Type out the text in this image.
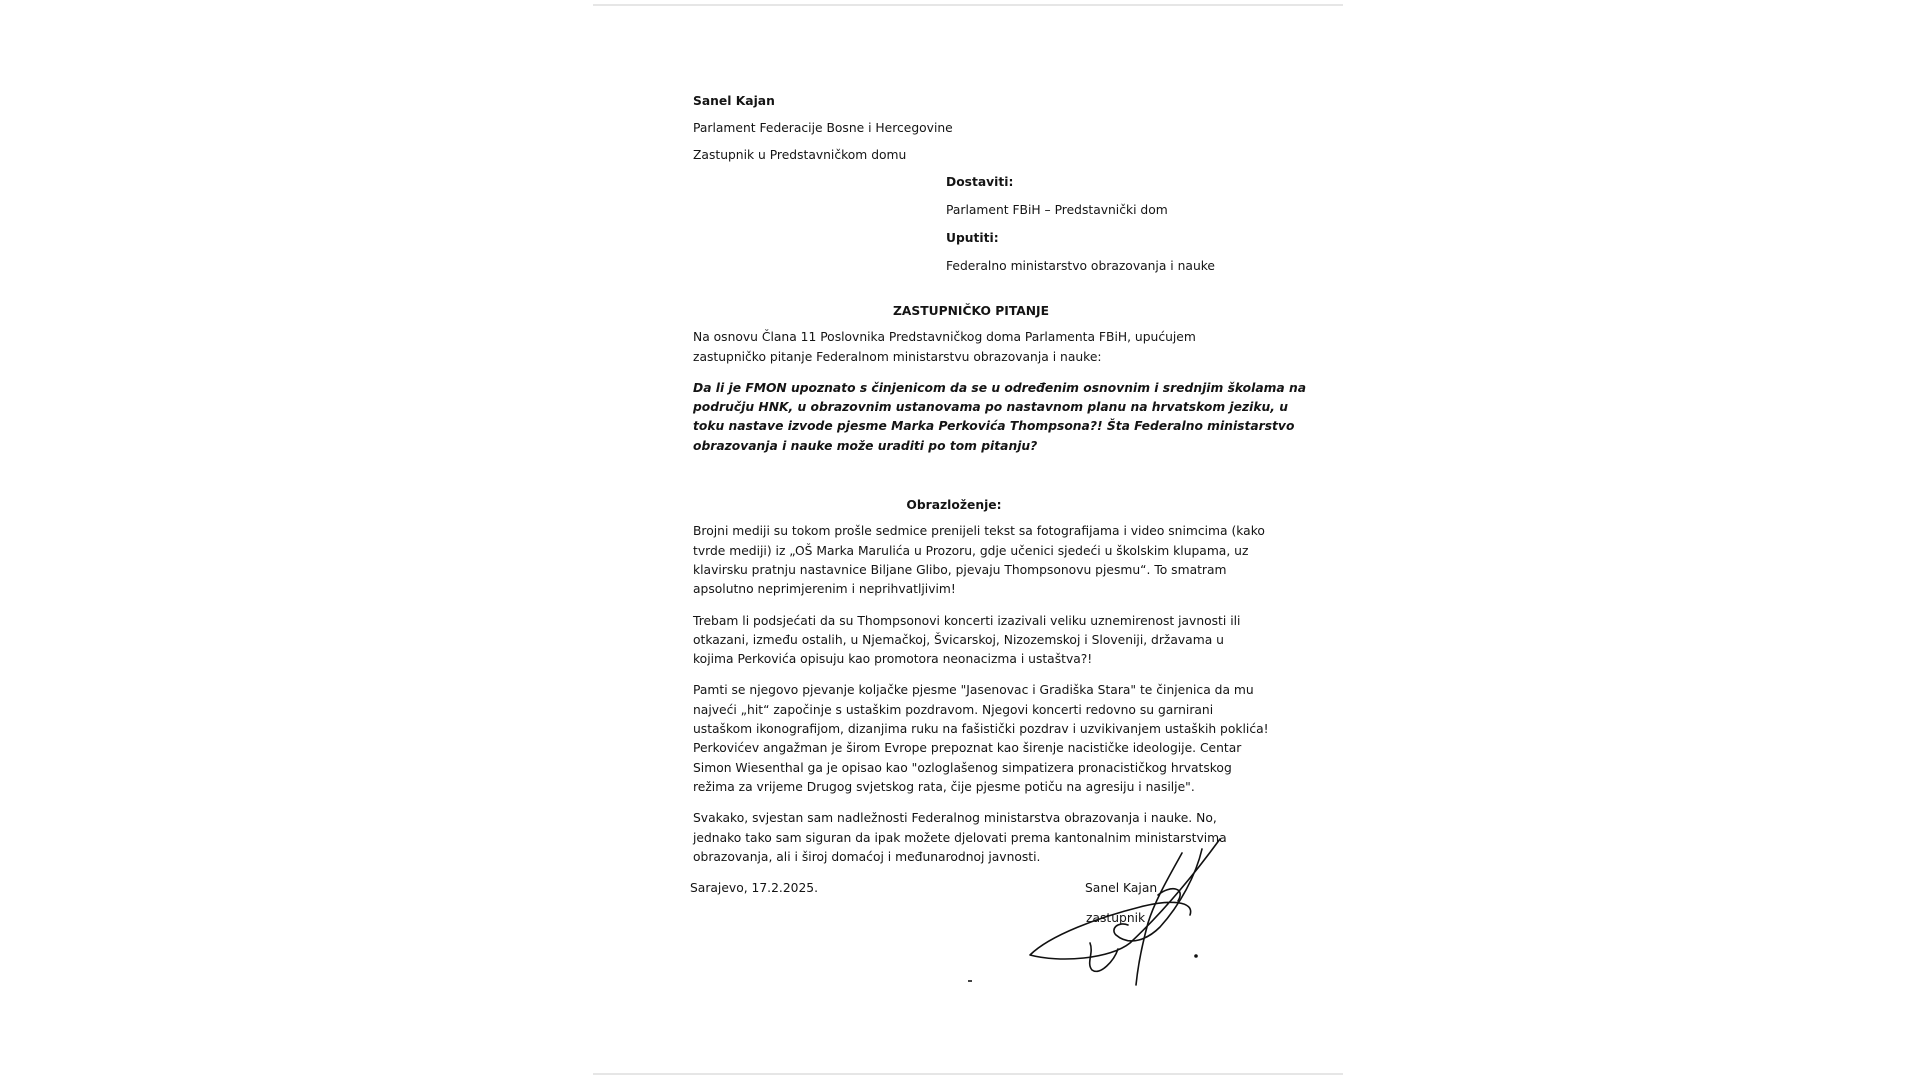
Sanel Kajan

Parlament Federacije Bosne i Hercegovine

Zastupnik u Predstavničkom domu

Dostaviti:

Parlament FBiH – Predstavnički dom

Uputiti:

Federalno ministarstvo obrazovanja i nauke

ZASTUPNIČKO PITANJE

Na osnovu Člana 11 Poslovnika Predstavničkog doma Parlamenta FBiH, upućujem

zastupničko pitanje Federalnom ministarstvu obrazovanja i nauke:

Da li je FMON upoznato s činjenicom da se u određenim osnovnim i srednjim školama na

području HNK, u obrazovnim ustanovama po nastavnom planu na hrvatskom jeziku, u

toku nastave izvode pjesme Marka Perkovića Thompsona?! Šta Federalno ministarstvo

obrazovanja i nauke može uraditi po tom pitanju?

Obrazloženje:

Brojni mediji su tokom prošle sedmice prenijeli tekst sa fotografijama i video snimcima (kako

tvrde mediji) iz „OŠ Marka Marulića u Prozoru, gdje učenici sjedeći u školskim klupama, uz

klavirsku pratnju nastavnice Biljane Glibo, pjevaju Thompsonovu pjesmu“. To smatram

apsolutno neprimjerenim i neprihvatljivim!

Trebam li podsjećati da su Thompsonovi koncerti izazivali veliku uznemirenost javnosti ili

otkazani, između ostalih, u Njemačkoj, Švicarskoj, Nizozemskoj i Sloveniji, državama u

kojima Perkovića opisuju kao promotora neonacizma i ustaštva?!

Pamti se njegovo pjevanje koljačke pjesme "Jasenovac i Gradiška Stara" te činjenica da mu

najveći „hit“ započinje s ustaškim pozdravom. Njegovi koncerti redovno su garnirani

ustaškom ikonografijom, dizanjima ruku na fašistički pozdrav i uzvikivanjem ustaških poklića!

Perkovićev angažman je širom Evrope prepoznat kao širenje nacističke ideologije. Centar

Simon Wiesenthal ga je opisao kao "ozloglašenog simpatizera pronacističkog hrvatskog

režima za vrijeme Drugog svjetskog rata, čije pjesme potiču na agresiju i nasilje".

Svakako, svjestan sam nadležnosti Federalnog ministarstva obrazovanja i nauke. No,

jednako tako sam siguran da ipak možete djelovati prema kantonalnim ministarstvima

obrazovanja, ali i široj domaćoj i međunarodnoj javnosti.

Sarajevo, 17.2.2025.	Sanel Kajan
zastupnik
